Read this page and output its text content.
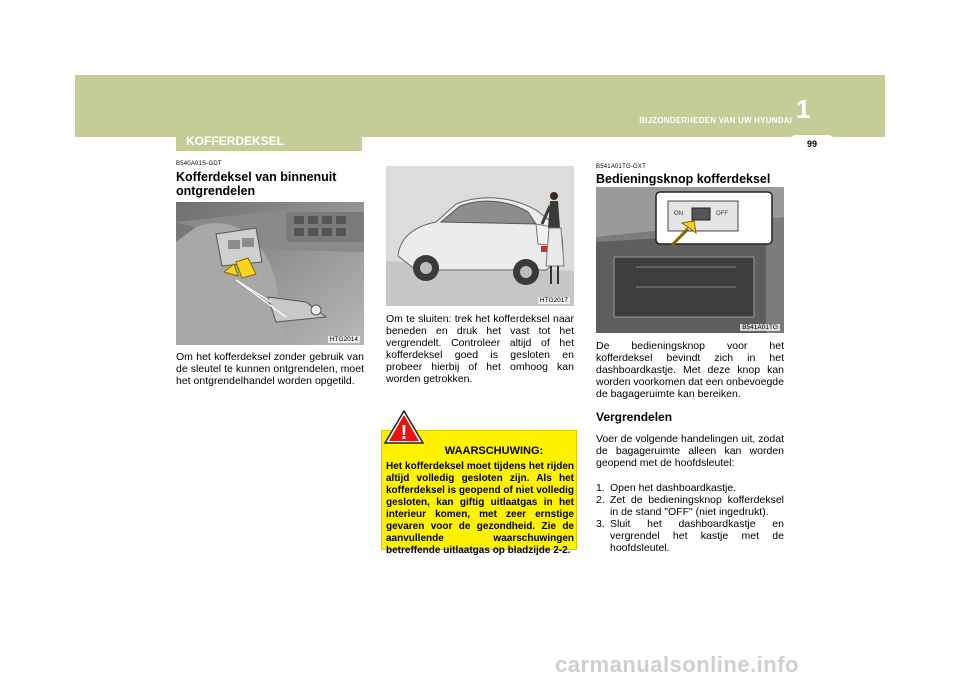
BIJZONDERHEDEN VAN UW HYUNDAI 1
99
KOFFERDEKSEL
B540A01S-GDT
Kofferdeksel van binnenuit ontgrendelen
HTG2014
Om het kofferdeksel zonder gebruik van de sleutel te kunnen ontgrendelen, moet het ontgrendelhandel worden opgetild.
HTG2017
Om te sluiten: trek het kofferdeksel naar beneden en druk het vast tot het vergrendelt. Controleer altijd of het kofferdeksel goed is gesloten en probeer hierbij of het omhoog kan worden getrokken.
WAARSCHUWING:
Het kofferdeksel moet tijdens het rijden altijd volledig gesloten zijn. Als het kofferdeksel is geopend of niet volledig gesloten, kan giftig uitlaatgas in het interieur komen, met zeer ernstige gevaren voor de gezondheid. Zie de aanvullende waarschuwingen betreffende uitlaatgas op bladzijde 2-2.
!
B541A01TG-GXT
Bedieningsknop kofferdeksel
ON	OFF
B541A01TG
De bedieningsknop voor het kofferdeksel bevindt zich in het dashboardkastje. Met deze knop kan worden voorkomen dat een onbevoegde de bagageruimte kan bereiken.
Vergrendelen
Voer de volgende handelingen uit, zodat de bagageruimte alleen kan worden geopend met de hoofdsleutel:
1. Open het dashboardkastje.
2. Zet de bedieningsknop kofferdeksel in de stand "OFF" (niet ingedrukt).
3. Sluit het dashboardkastje en vergrendel het kastje met de hoofdsleutel.
carmanualsonline.info
